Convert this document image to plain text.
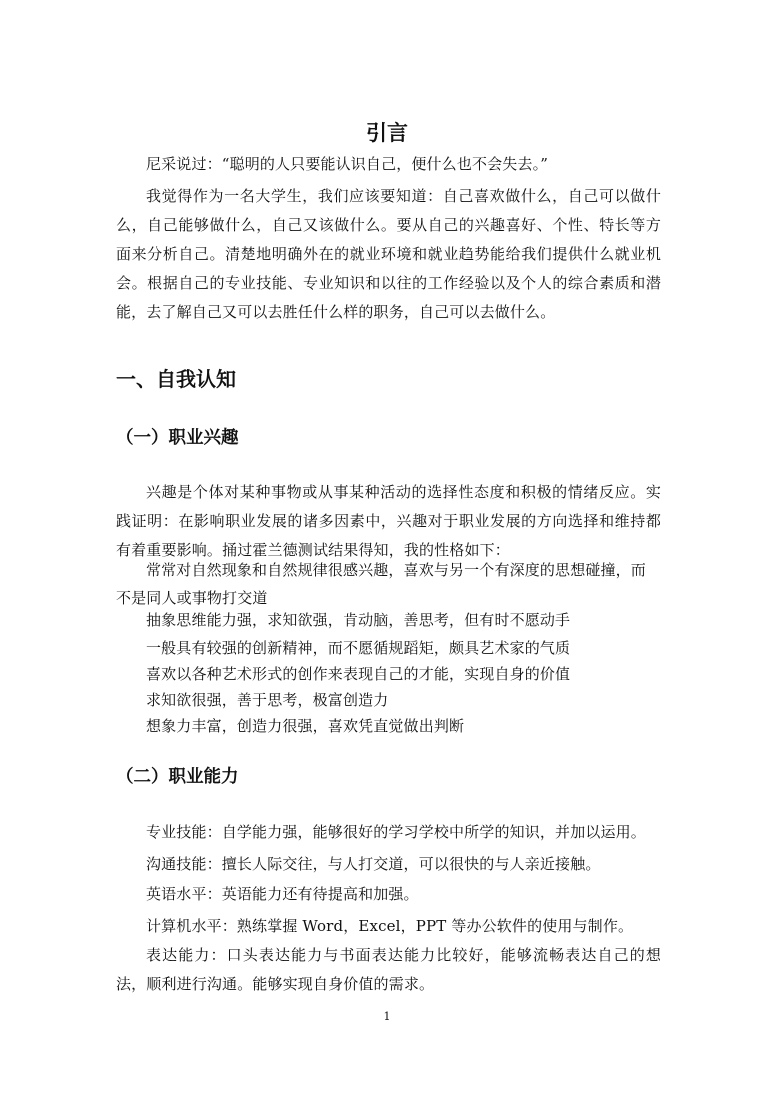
引言

尼采说过：“聪明的人只要能认识自己，便什么也不会失去。”

我觉得作为一名大学生，我们应该要知道：自己喜欢做什么，自己可以做什么，自己能够做什么，自己又该做什么。要从自己的兴趣喜好、个性、特长等方面来分析自己。清楚地明确外在的就业环境和就业趋势能给我们提供什么就业机会。根据自己的专业技能、专业知识和以往的工作经验以及个人的综合素质和潜能，去了解自己又可以去胜任什么样的职务，自己可以去做什么。

一、自我认知
（一）职业兴趣

兴趣是个体对某种事物或从事某种活动的选择性态度和积极的情绪反应。实践证明：在影响职业发展的诸多因素中，兴趣对于职业发展的方向选择和维持都有着重要影响。捅过霍兰德测试结果得知，我的性格如下：

常常对自然现象和自然规律很感兴趣，喜欢与另一个有深度的思想碰撞，而不是同人或事物打交道

抽象思维能力强，求知欲强，肯动脑，善思考，但有时不愿动手

一般具有较强的创新精神，而不愿循规蹈矩，颇具艺术家的气质

喜欢以各种艺术形式的创作来表现自己的才能，实现自身的价值

求知欲很强，善于思考，极富创造力

想象力丰富，创造力很强，喜欢凭直觉做出判断

（二）职业能力

专业技能：自学能力强，能够很好的学习学校中所学的知识，并加以运用。

沟通技能：擅长人际交往，与人打交道，可以很快的与人亲近接触。

英语水平：英语能力还有待提高和加强。

计算机水平：熟练掌握 Word，Excel，PPT 等办公软件的使用与制作。

表达能力：口头表达能力与书面表达能力比较好，能够流畅表达自己的想法，顺利进行沟通。能够实现自身价值的需求。

1
